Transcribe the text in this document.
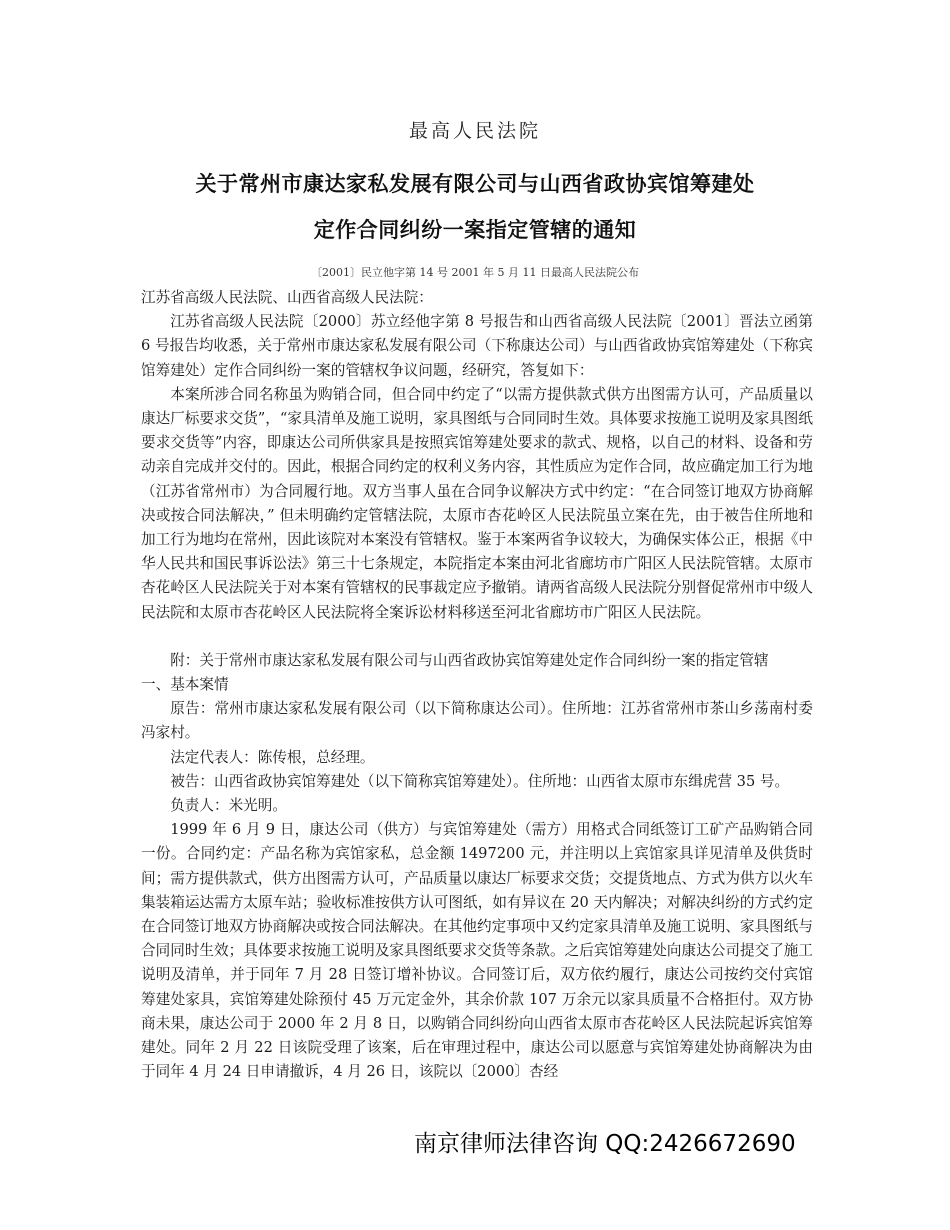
最高人民法院
关于常州市康达家私发展有限公司与山西省政协宾馆筹建处
定作合同纠纷一案指定管辖的通知
〔2001〕民立他字第 14 号 2001 年 5 月 11 日最高人民法院公布

江苏省高级人民法院、山西省高级人民法院：

江苏省高级人民法院〔2000〕苏立经他字第 8 号报告和山西省高级人民法院〔2001〕晋法立函第 6 号报告均收悉，关于常州市康达家私发展有限公司（下称康达公司）与山西省政协宾馆筹建处（下称宾馆筹建处）定作合同纠纷一案的管辖权争议问题，经研究，答复如下：

本案所涉合同名称虽为购销合同，但合同中约定了“以需方提供款式供方出图需方认可，产品质量以康达厂标要求交货”，“家具清单及施工说明，家具图纸与合同同时生效。具体要求按施工说明及家具图纸要求交货等”内容，即康达公司所供家具是按照宾馆筹建处要求的款式、规格，以自己的材料、设备和劳动亲自完成并交付的。因此，根据合同约定的权利义务内容，其性质应为定作合同，故应确定加工行为地（江苏省常州市）为合同履行地。双方当事人虽在合同争议解决方式中约定：“在合同签订地双方协商解决或按合同法解决，” 但未明确约定管辖法院，太原市杏花岭区人民法院虽立案在先，由于被告住所地和加工行为地均在常州，因此该院对本案没有管辖权。鉴于本案两省争议较大，为确保实体公正，根据《中华人民共和国民事诉讼法》第三十七条规定，本院指定本案由河北省廊坊市广阳区人民法院管辖。太原市杏花岭区人民法院关于对本案有管辖权的民事裁定应予撤销。请两省高级人民法院分别督促常州市中级人民法院和太原市杏花岭区人民法院将全案诉讼材料移送至河北省廊坊市广阳区人民法院。

附：关于常州市康达家私发展有限公司与山西省政协宾馆筹建处定作合同纠纷一案的指定管辖

一、基本案情

原告：常州市康达家私发展有限公司（以下简称康达公司）。住所地：江苏省常州市茶山乡荡南村委冯家村。

法定代表人：陈传根，总经理。

被告：山西省政协宾馆筹建处（以下简称宾馆筹建处）。住所地：山西省太原市东缉虎营 35 号。

负责人：米光明。

1999 年 6 月 9 日，康达公司（供方）与宾馆筹建处（需方）用格式合同纸签订工矿产品购销合同一份。合同约定：产品名称为宾馆家私，总金额 1497200 元，并注明以上宾馆家具详见清单及供货时间；需方提供款式，供方出图需方认可，产品质量以康达厂标要求交货；交提货地点、方式为供方以火车集装箱运达需方太原车站；验收标准按供方认可图纸，如有异议在 20 天内解决；对解决纠纷的方式约定在合同签订地双方协商解决或按合同法解决。在其他约定事项中又约定家具清单及施工说明、家具图纸与合同同时生效；具体要求按施工说明及家具图纸要求交货等条款。之后宾馆筹建处向康达公司提交了施工说明及清单，并于同年 7 月 28 日签订增补协议。合同签订后，双方依约履行，康达公司按约交付宾馆筹建处家具，宾馆筹建处除预付 45 万元定金外，其余价款 107 万余元以家具质量不合格拒付。双方协商未果，康达公司于 2000 年 2 月 8 日，以购销合同纠纷向山西省太原市杏花岭区人民法院起诉宾馆筹建处。同年 2 月 22 日该院受理了该案，后在审理过程中，康达公司以愿意与宾馆筹建处协商解决为由于同年 4 月 24 日申请撤诉，4 月 26 日，该院以〔2000〕杏经

南京律师法律咨询 QQ:2426672690
